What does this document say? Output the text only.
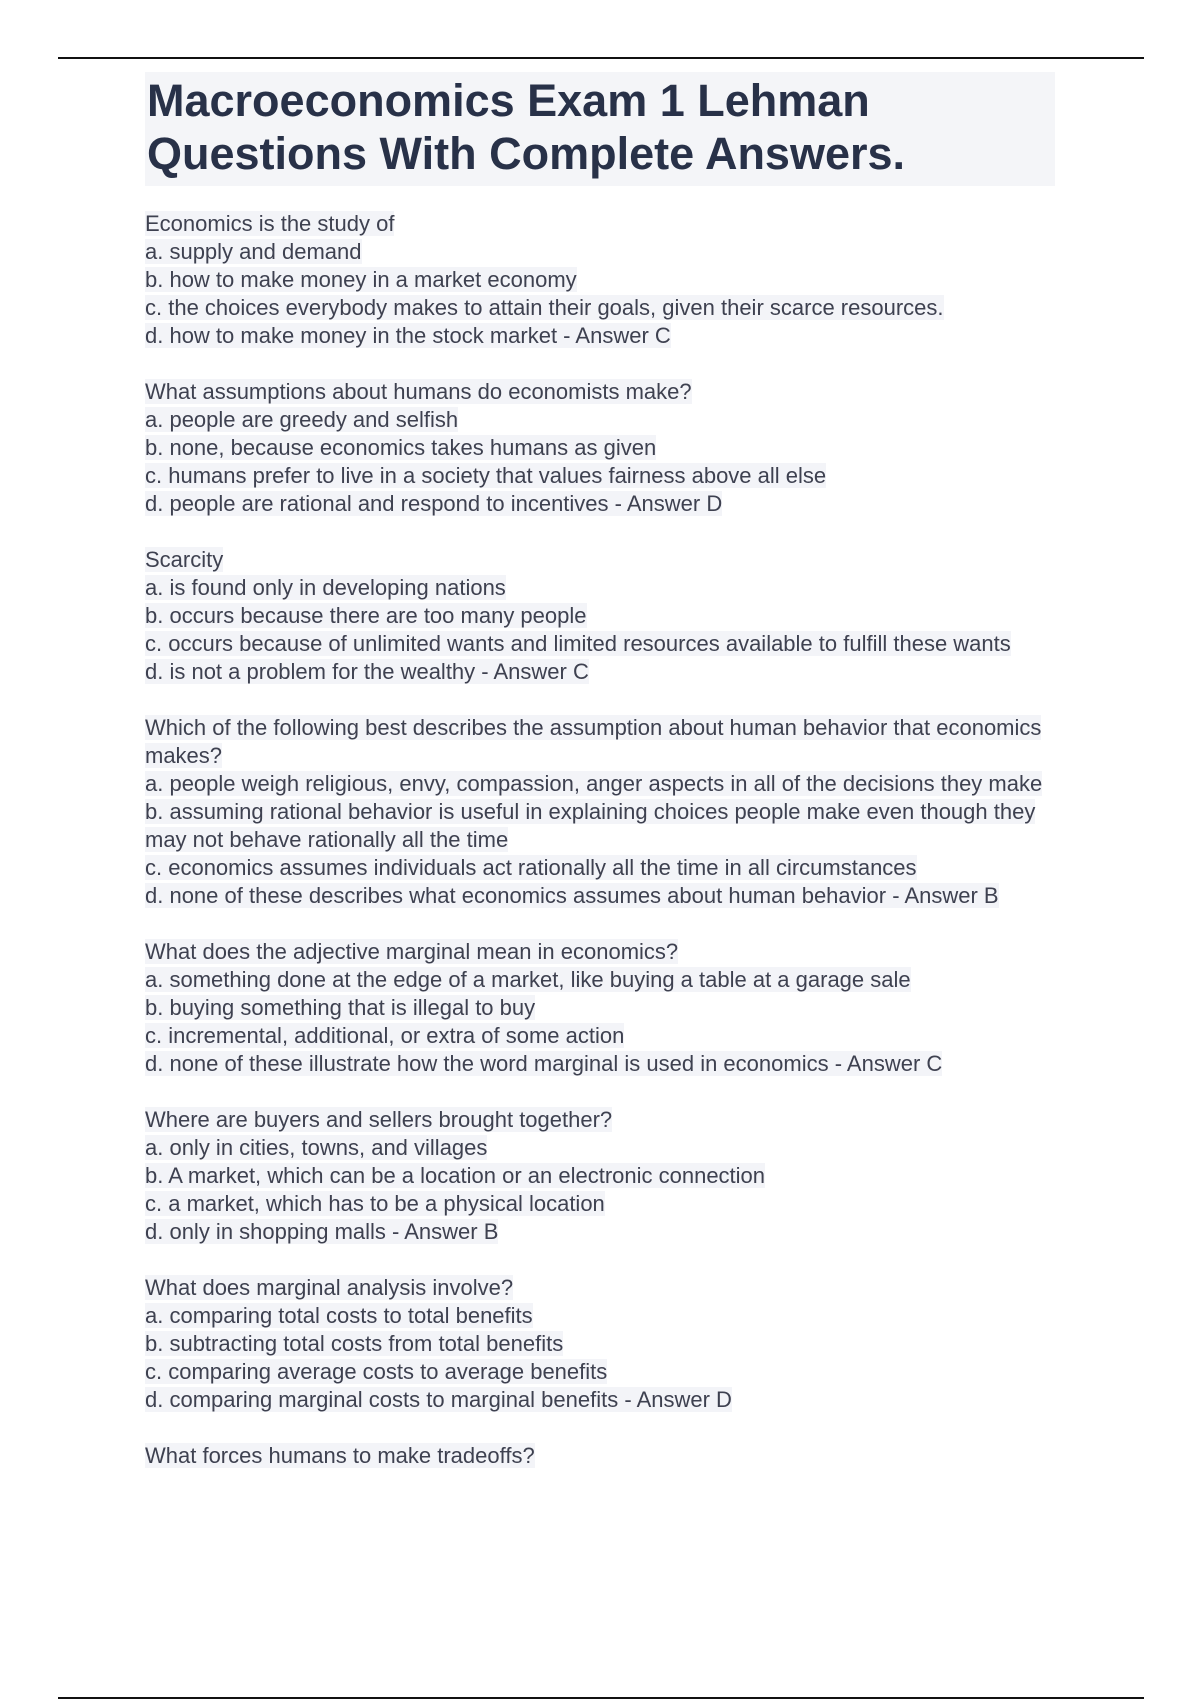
Macroeconomics Exam 1 Lehman Questions With Complete Answers.
Economics is the study of
a. supply and demand
b. how to make money in a market economy
c. the choices everybody makes to attain their goals, given their scarce resources.
d. how to make money in the stock market - Answer C
What assumptions about humans do economists make?
a. people are greedy and selfish
b. none, because economics takes humans as given
c. humans prefer to live in a society that values fairness above all else
d. people are rational and respond to incentives - Answer D
Scarcity
a. is found only in developing nations
b. occurs because there are too many people
c. occurs because of unlimited wants and limited resources available to fulfill these wants
d. is not a problem for the wealthy - Answer C
Which of the following best describes the assumption about human behavior that economics makes?
a. people weigh religious, envy, compassion, anger aspects in all of the decisions they make
b. assuming rational behavior is useful in explaining choices people make even though they may not behave rationally all the time
c. economics assumes individuals act rationally all the time in all circumstances
d. none of these describes what economics assumes about human behavior - Answer B
What does the adjective marginal mean in economics?
a. something done at the edge of a market, like buying a table at a garage sale
b. buying something that is illegal to buy
c. incremental, additional, or extra of some action
d. none of these illustrate how the word marginal is used in economics - Answer C
Where are buyers and sellers brought together?
a. only in cities, towns, and villages
b. A market, which can be a location or an electronic connection
c. a market, which has to be a physical location
d. only in shopping malls - Answer B
What does marginal analysis involve?
a. comparing total costs to total benefits
b. subtracting total costs from total benefits
c. comparing average costs to average benefits
d. comparing marginal costs to marginal benefits - Answer D
What forces humans to make tradeoffs?
